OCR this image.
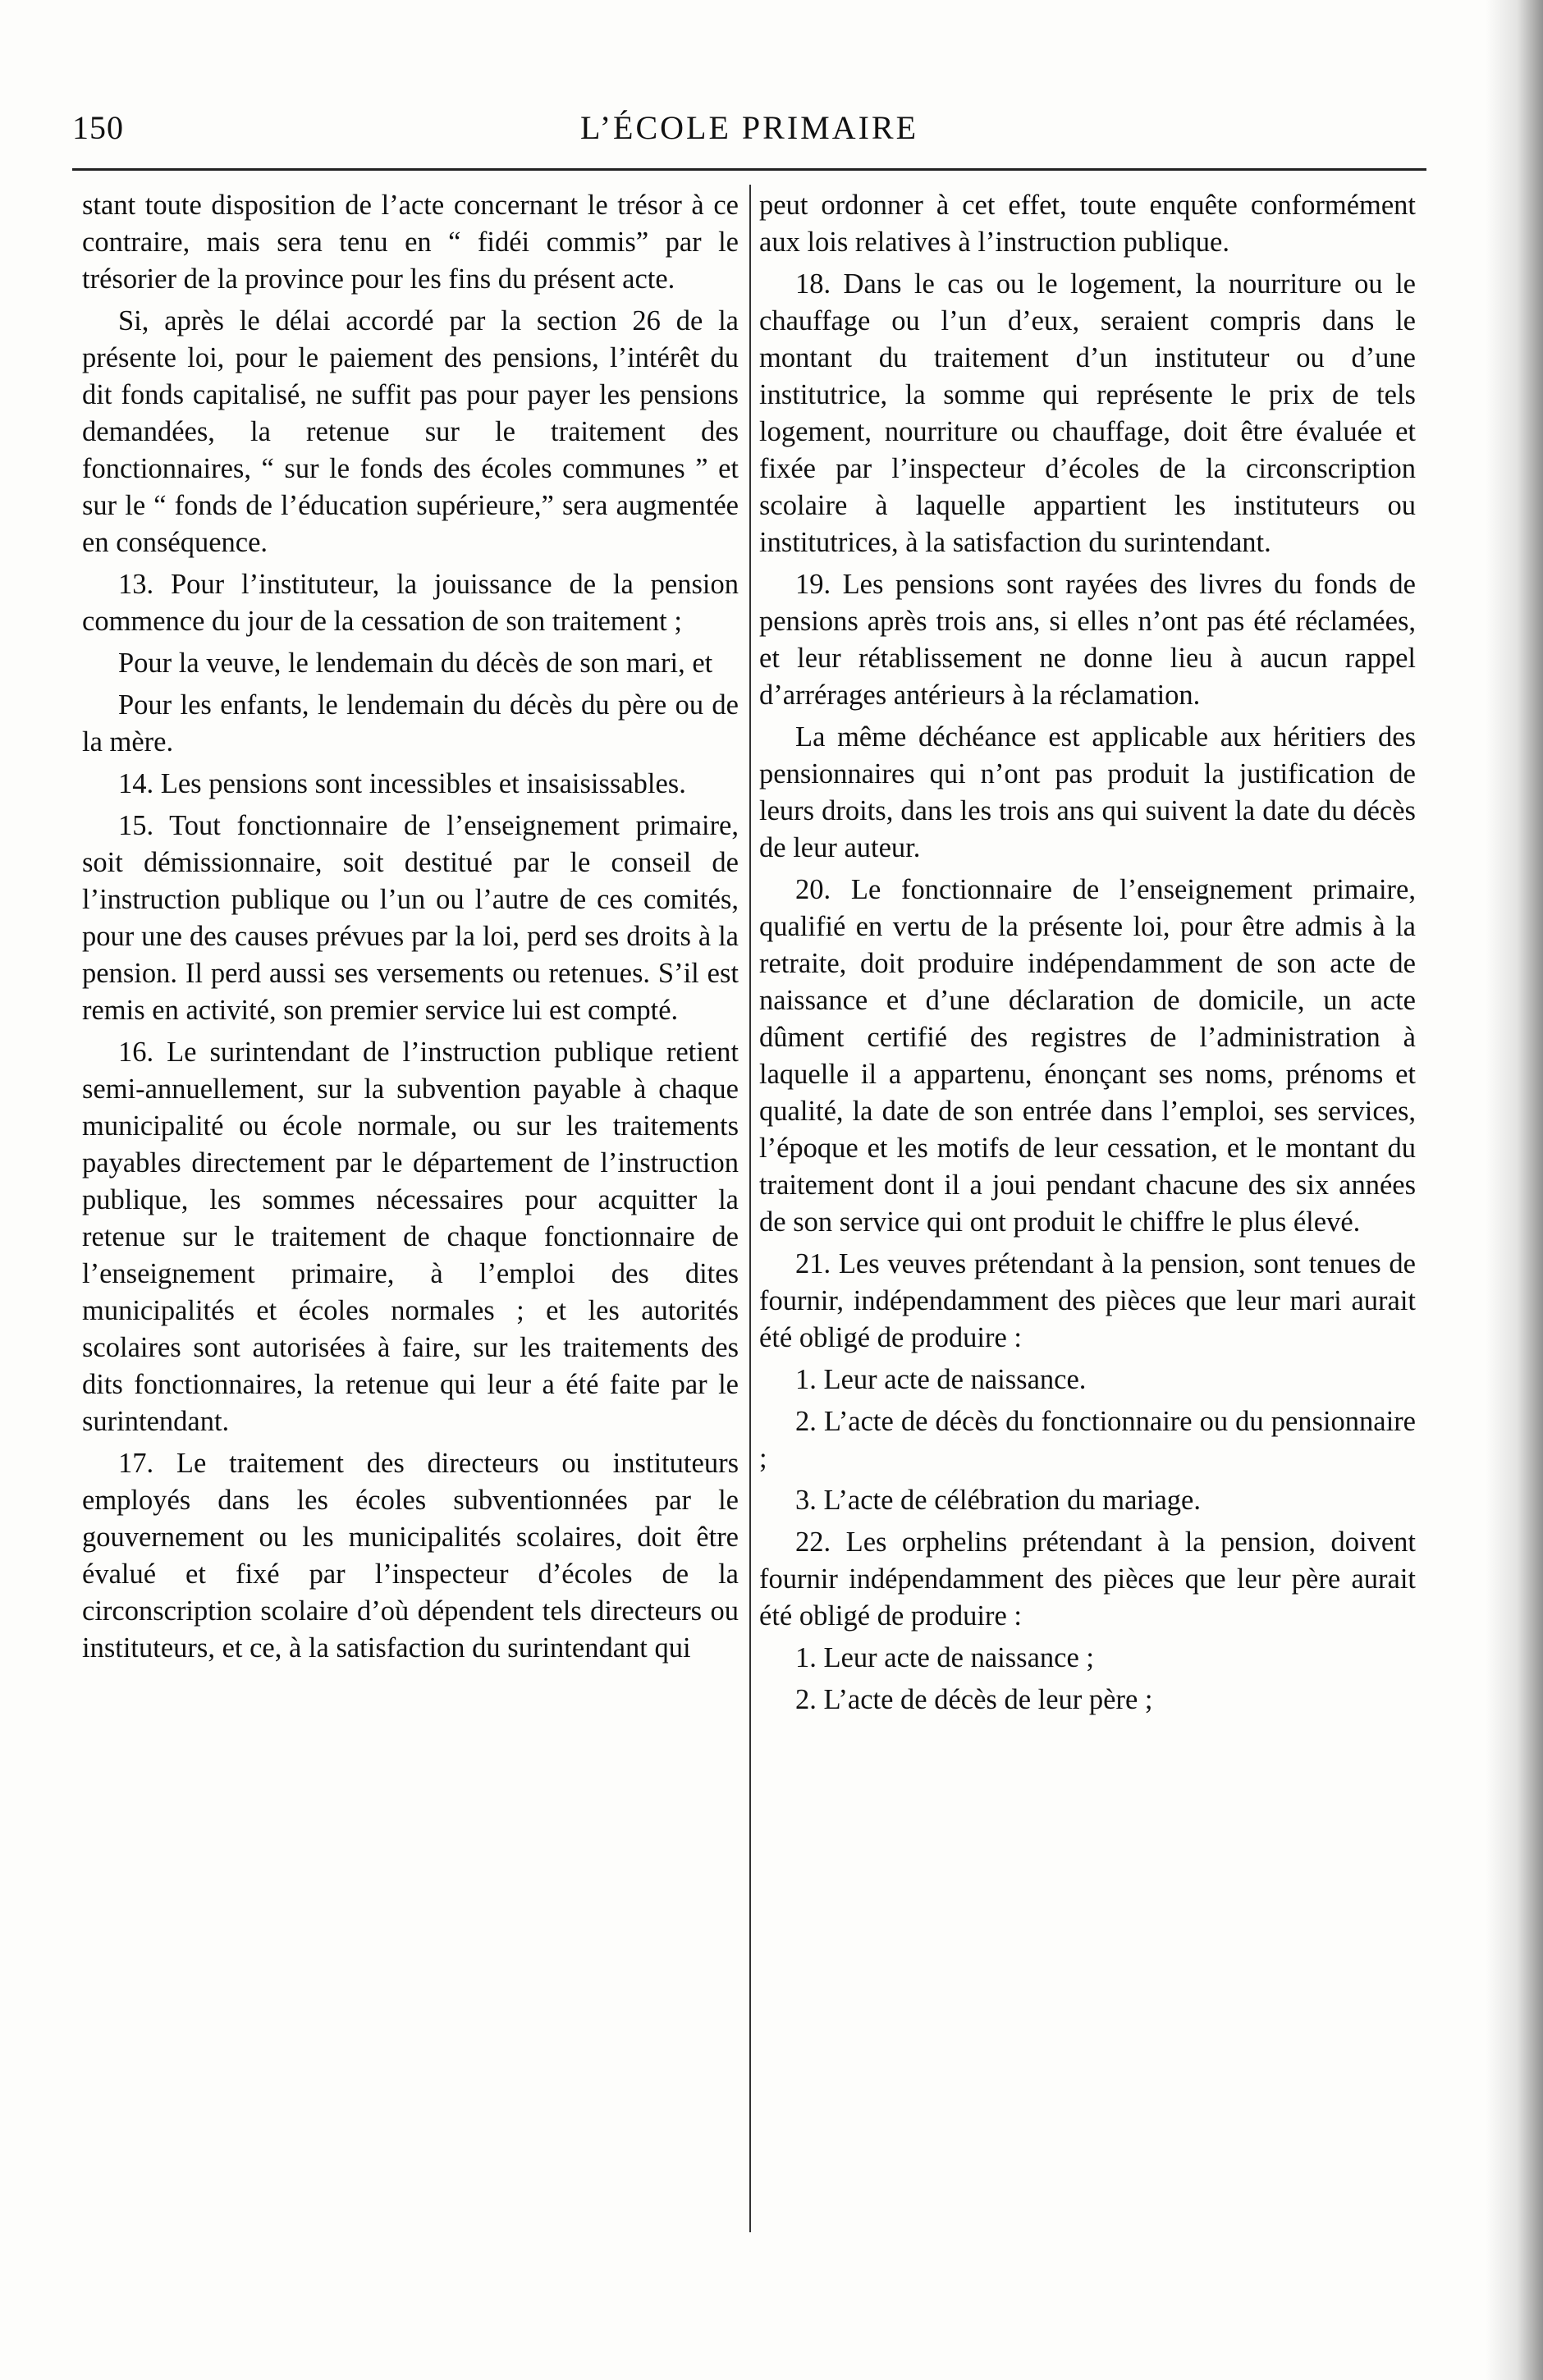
150	L’ÉCOLE PRIMAIRE

stant toute disposition de l’acte concernant le trésor à ce contraire, mais sera tenu en “ fidéi commis” par le trésorier de la province pour les fins du présent acte.

Si, après le délai accordé par la section 26 de la présente loi, pour le paiement des pensions, l’intérêt du dit fonds capitalisé, ne suffit pas pour payer les pensions demandées, la retenue sur le traitement des fonctionnaires, “ sur le fonds des écoles communes ” et sur le “ fonds de l’éducation supérieure,” sera augmentée en conséquence.

13. Pour l’instituteur, la jouissance de la pension commence du jour de la cessation de son traitement ;

Pour la veuve, le lendemain du décès de son mari, et

Pour les enfants, le lendemain du décès du père ou de la mère.

14. Les pensions sont incessibles et insaisissables.

15. Tout fonctionnaire de l’enseignement primaire, soit démissionnaire, soit destitué par le conseil de l’instruction publique ou l’un ou l’autre de ces comités, pour une des causes prévues par la loi, perd ses droits à la pension. Il perd aussi ses versements ou retenues. S’il est remis en activité, son premier service lui est compté.

16. Le surintendant de l’instruction publique retient semi-annuellement, sur la subvention payable à chaque municipalité ou école normale, ou sur les traitements payables directement par le département de l’instruction publique, les sommes nécessaires pour acquitter la retenue sur le traitement de chaque fonctionnaire de l’enseignement primaire, à l’emploi des dites municipalités et écoles normales ; et les autorités scolaires sont autorisées à faire, sur les traitements des dits fonctionnaires, la retenue qui leur a été faite par le surintendant.

17. Le traitement des directeurs ou instituteurs employés dans les écoles subventionnées par le gouvernement ou les municipalités scolaires, doit être évalué et fixé par l’inspecteur d’écoles de la circonscription scolaire d’où dépendent tels directeurs ou instituteurs, et ce, à la satisfaction du surintendant qui

peut ordonner à cet effet, toute enquête conformément aux lois relatives à l’instruction publique.

18. Dans le cas ou le logement, la nourriture ou le chauffage ou l’un d’eux, seraient compris dans le montant du traitement d’un instituteur ou d’une institutrice, la somme qui représente le prix de tels logement, nourriture ou chauffage, doit être évaluée et fixée par l’inspecteur d’écoles de la circonscription scolaire à laquelle appartient les instituteurs ou institutrices, à la satisfaction du surintendant.

19. Les pensions sont rayées des livres du fonds de pensions après trois ans, si elles n’ont pas été réclamées, et leur rétablissement ne donne lieu à aucun rappel d’arrérages antérieurs à la réclamation.

La même déchéance est applicable aux héritiers des pensionnaires qui n’ont pas produit la justification de leurs droits, dans les trois ans qui suivent la date du décès de leur auteur.

20. Le fonctionnaire de l’enseignement primaire, qualifié en vertu de la présente loi, pour être admis à la retraite, doit produire indépendamment de son acte de naissance et d’une déclaration de domicile, un acte dûment certifié des registres de l’administration à laquelle il a appartenu, énonçant ses noms, prénoms et qualité, la date de son entrée dans l’emploi, ses services, l’époque et les motifs de leur cessation, et le montant du traitement dont il a joui pendant chacune des six années de son service qui ont produit le chiffre le plus élevé.

21. Les veuves prétendant à la pension, sont tenues de fournir, indépendamment des pièces que leur mari aurait été obligé de produire :

1. Leur acte de naissance.

2. L’acte de décès du fonctionnaire ou du pensionnaire ;

3. L’acte de célébration du mariage.

22. Les orphelins prétendant à la pension, doivent fournir indépendamment des pièces que leur père aurait été obligé de produire :

1. Leur acte de naissance ;

2. L’acte de décès de leur père ;
